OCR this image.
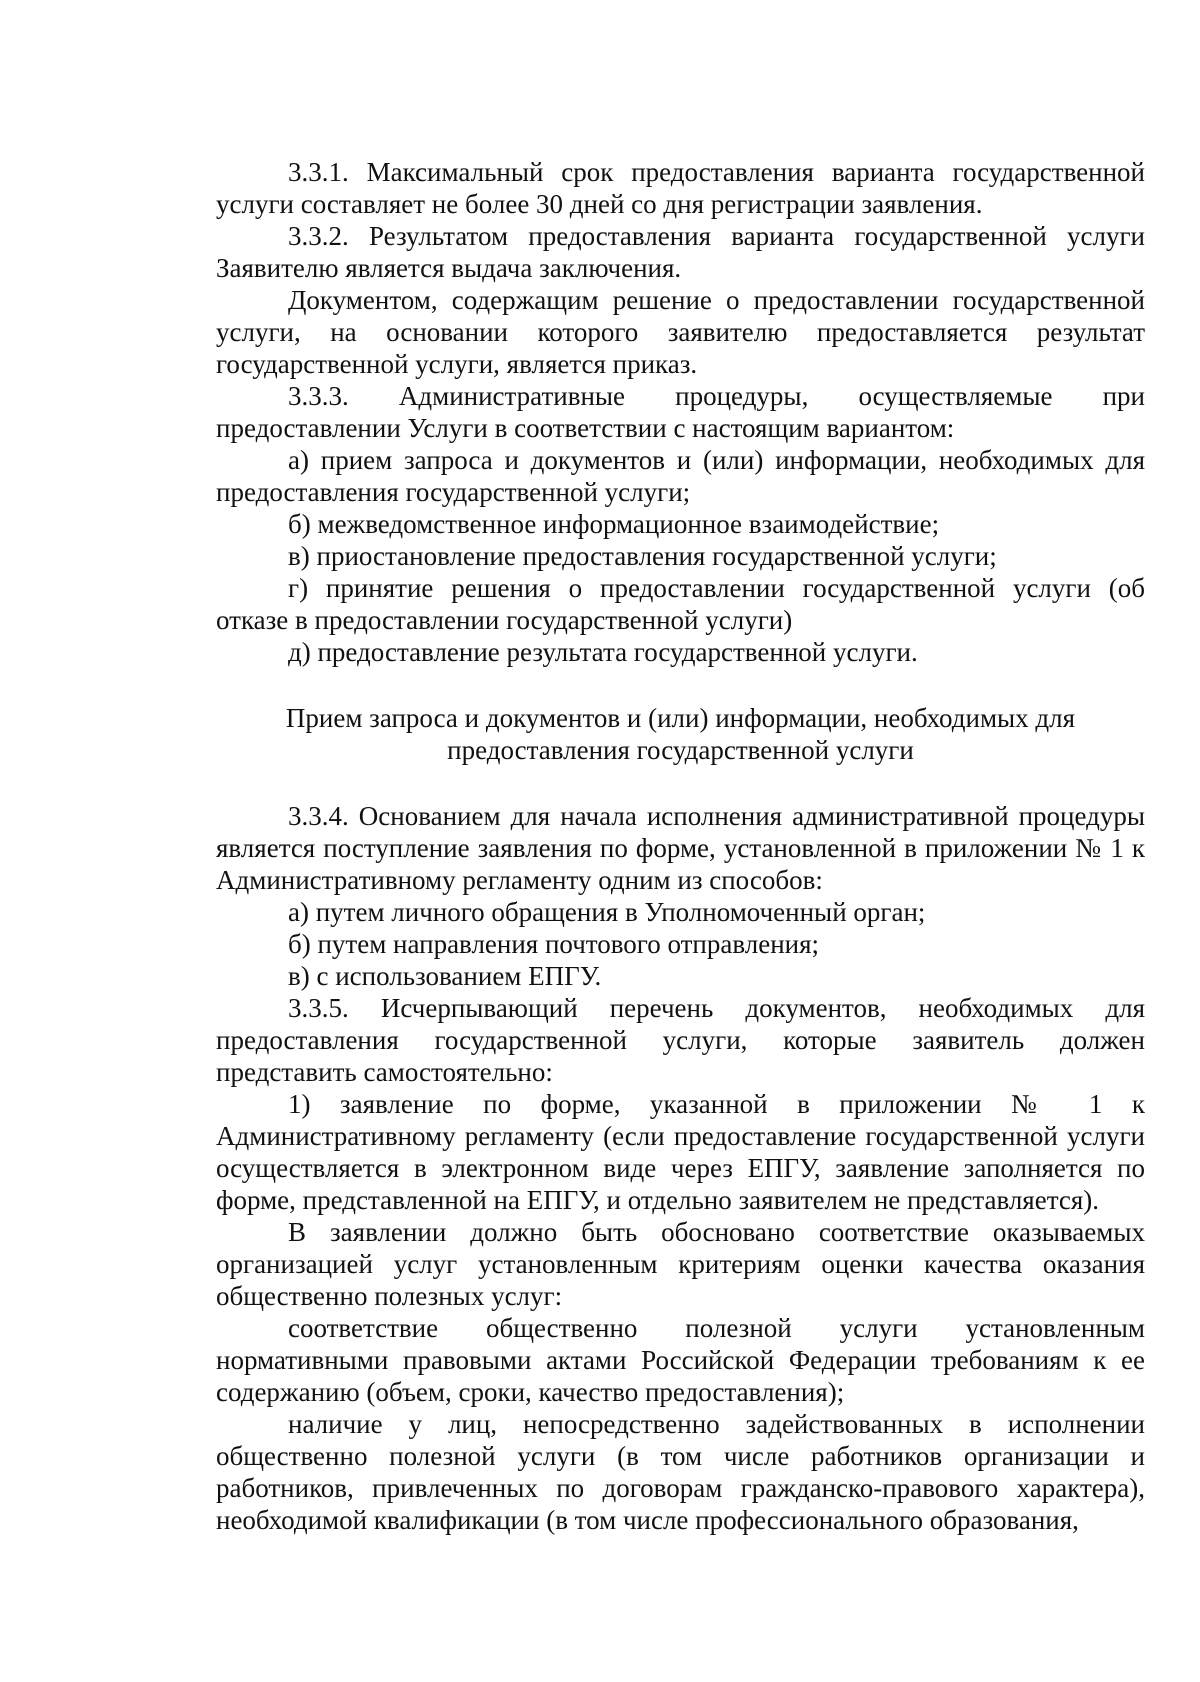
3.3.1. Максимальный срок предоставления варианта государственной услуги составляет не более 30 дней со дня регистрации заявления.

3.3.2. Результатом предоставления варианта государственной услуги Заявителю является выдача заключения.

Документом, содержащим решение о предоставлении государственной услуги, на основании которого заявителю предоставляется результат государственной услуги, является приказ.

3.3.3. Административные процедуры, осуществляемые при предоставлении Услуги в соответствии с настоящим вариантом:

а) прием запроса и документов и (или) информации, необходимых для предоставления государственной услуги;

б) межведомственное информационное взаимодействие;

в) приостановление предоставления государственной услуги;

г) принятие решения о предоставлении государственной услуги (об отказе в предоставлении государственной услуги)

д) предоставление результата государственной услуги.

Прием запроса и документов и (или) информации, необходимых для
предоставления государственной услуги

3.3.4. Основанием для начала исполнения административной процедуры является поступление заявления по форме, установленной в приложении № 1 к Административному регламенту одним из способов:

а) путем личного обращения в Уполномоченный орган;

б) путем направления почтового отправления;

в) с использованием ЕПГУ.

3.3.5. Исчерпывающий перечень документов, необходимых для предоставления государственной услуги, которые заявитель должен представить самостоятельно:

1) заявление по форме, указанной в приложении № 1 к Административному регламенту (если предоставление государственной услуги осуществляется в электронном виде через ЕПГУ, заявление заполняется по форме, представленной на ЕПГУ, и отдельно заявителем не представляется).

В заявлении должно быть обосновано соответствие оказываемых организацией услуг установленным критериям оценки качества оказания общественно полезных услуг:

соответствие общественно полезной услуги установленным нормативными правовыми актами Российской Федерации требованиям к ее содержанию (объем, сроки, качество предоставления);

наличие у лиц, непосредственно задействованных в исполнении общественно полезной услуги (в том числе работников организации и работников, привлеченных по договорам гражданско-правового характера), необходимой квалификации (в том числе профессионального образования,
